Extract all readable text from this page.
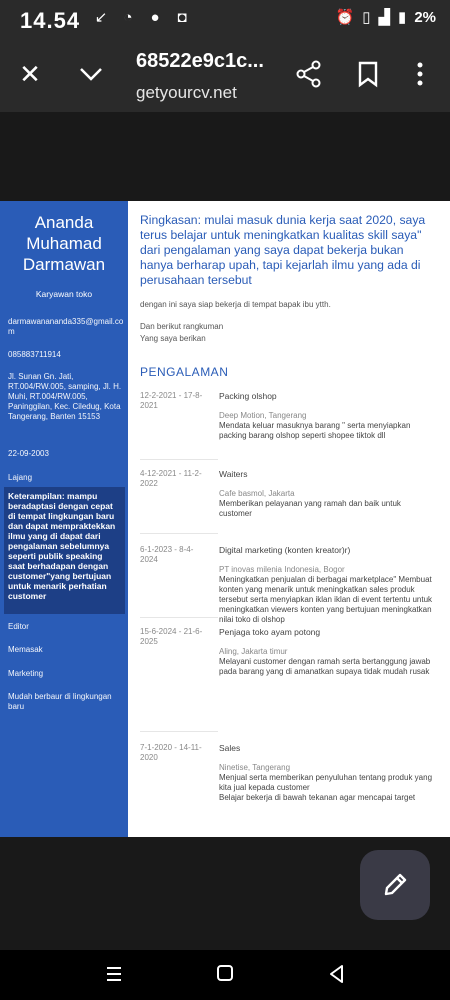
14.54 ↙ ◔ ● ◘	⏰ ▯ ▟ ▮ 2%
✕	68522e9c1c...
getyourcv.net
Ananda Muhamad Darmawan
Karyawan toko
darmawanananda335@gmail.com
085883711914
Jl. Sunan Gn. Jati, RT.004/RW.005, samping, Jl. H. Muhi, RT.004/RW.005, Paninggilan, Kec. Ciledug, Kota Tangerang, Banten 15153
22-09-2003
Lajang
Keterampilan: mampu beradaptasi dengan cepat di tempat lingkungan baru dan dapat mempraktekkan ilmu yang di dapat dari pengalaman sebelumnya seperti publik speaking saat berhadapan dengan customer"yang bertujuan untuk menarik perhatian customer
Editor
Memasak
Marketing
Mudah berbaur di lingkungan baru
Ringkasan: mulai masuk dunia kerja saat 2020, saya terus belajar untuk meningkatkan kualitas skill saya" dari pengalaman yang saya dapat bekerja bukan hanya berharap upah, tapi kejarlah ilmu yang ada di perusahaan tersebut
dengan ini saya siap bekerja di tempat bapak ibu ytth.
Dan berikut rangkuman
Yang saya berikan
PENGALAMAN
12-2-2021 - 17-8-2021
Packing olshop
Deep Motion, Tangerang
Mendata keluar masuknya barang " serta menyiapkan packing barang olshop seperti shopee tiktok dll
4-12-2021 - 11-2-2022
Waiters
Cafe basmol, Jakarta
Memberikan pelayanan yang ramah dan baik untuk customer
6-1-2023 - 8-4-2024
Digital marketing (konten kreator)r)
PT inovas milenia Indonesia, Bogor
Meningkatkan penjualan di berbagai marketplace" Membuat konten yang menarik untuk meningkatkan sales produk tersebut serta menyiapkan iklan iklan di event tertentu untuk meningkatkan viewers konten yang bertujuan meningkatkan nilai toko di olshop
15-6-2024 - 21-6-2025
Penjaga toko ayam potong
Aling, Jakarta timur
Melayani customer dengan ramah serta bertanggung jawab pada barang yang di amanatkan supaya tidak mudah rusak
7-1-2020 - 14-11-2020
Sales
Ninetise, Tangerang
Menjual serta memberikan penyuluhan tentang produk yang kita jual kepada customer
Belajar bekerja di bawah tekanan agar mencapai target
